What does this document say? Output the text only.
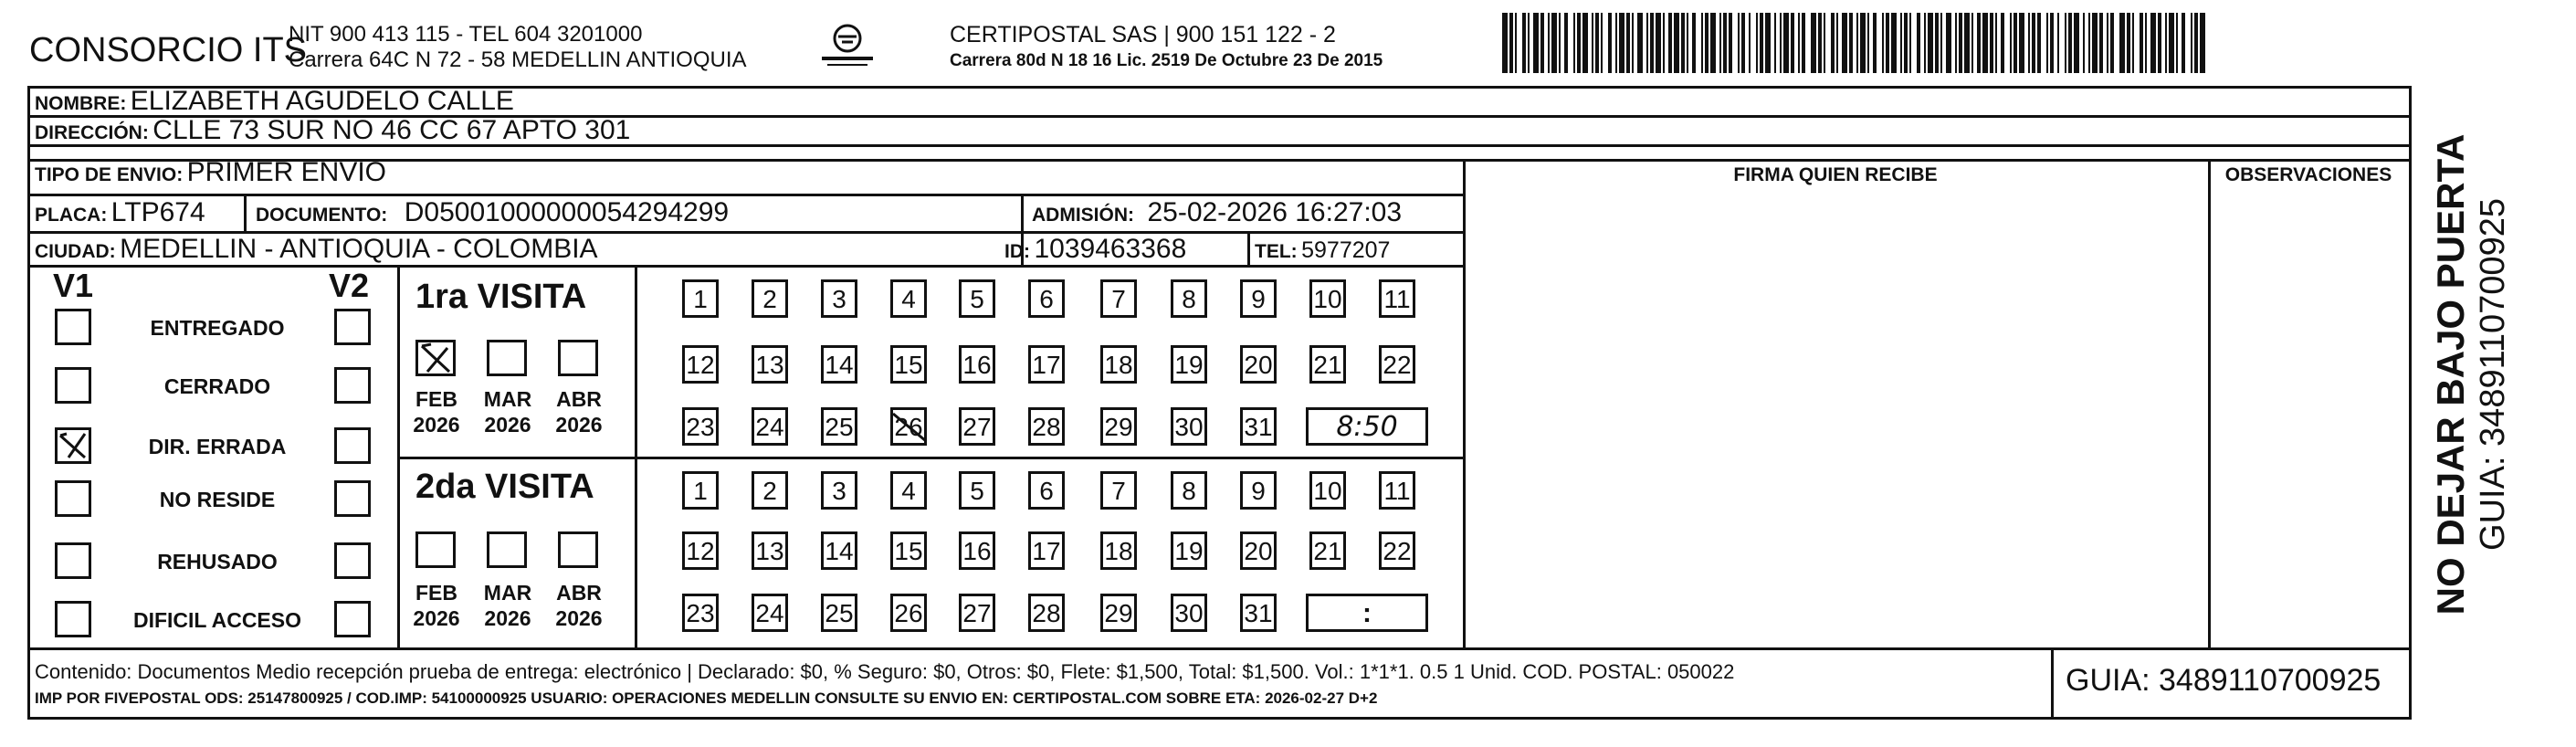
CONSORCIO ITS
NIT 900 413 115 - TEL 604 3201000
Carrera 64C N 72 - 58 MEDELLIN ANTIOQUIA
CERTIPOSTAL SAS | 900 151 122 - 2
Carrera 80d N 18 16 Lic. 2519 De Octubre 23 De 2015
NOMBRE: ELIZABETH AGUDELO CALLE
DIRECCIÓN: CLLE 73 SUR NO 46 CC 67 APTO 301
TIPO DE ENVIO: PRIMER ENVIO	FIRMA QUIEN RECIBE	OBSERVACIONES
PLACA: LTP674	DOCUMENTO: D05001000000054294299	ADMISIÓN: 25-02-2026 16:27:03
CIUDAD: MEDELLIN - ANTIOQUIA - COLOMBIA	ID: 1039463368	TEL: 5977207
V1	V2
ENTREGADO
CERRADO
DIR. ERRADA
NO RESIDE
REHUSADO
DIFICIL ACCESO
1ra VISITA
FEB
2026
MAR
2026
ABR
2026
1	2	3	4	5	6	7	8	9	10 11
12 13 14 15 16 17 18 19 20 21 22
23 24 25 26 27 28 29 30 31	8:50
2da VISITA
FEB
2026
MAR
2026
ABR
2026
1	2	3	4	5	6	7	8	9	10 11
12 13 14 15 16 17 18 19 20 21 22
23 24 25 26 27 28 29 30 31	:
Contenido: Documentos Medio recepción prueba de entrega: electrónico | Declarado: $0, % Seguro: $0, Otros: $0, Flete: $1,500, Total: $1,500. Vol.: 1*1*1. 0.5 1 Unid. COD. POSTAL: 050022
IMP POR FIVEPOSTAL ODS: 25147800925 / COD.IMP: 54100000925 USUARIO: OPERACIONES MEDELLIN CONSULTE SU ENVIO EN: CERTIPOSTAL.COM SOBRE ETA: 2026-02-27 D+2
GUIA: 3489110700925
NO DEJAR BAJO PUERTA GUIA: 3489110700925
